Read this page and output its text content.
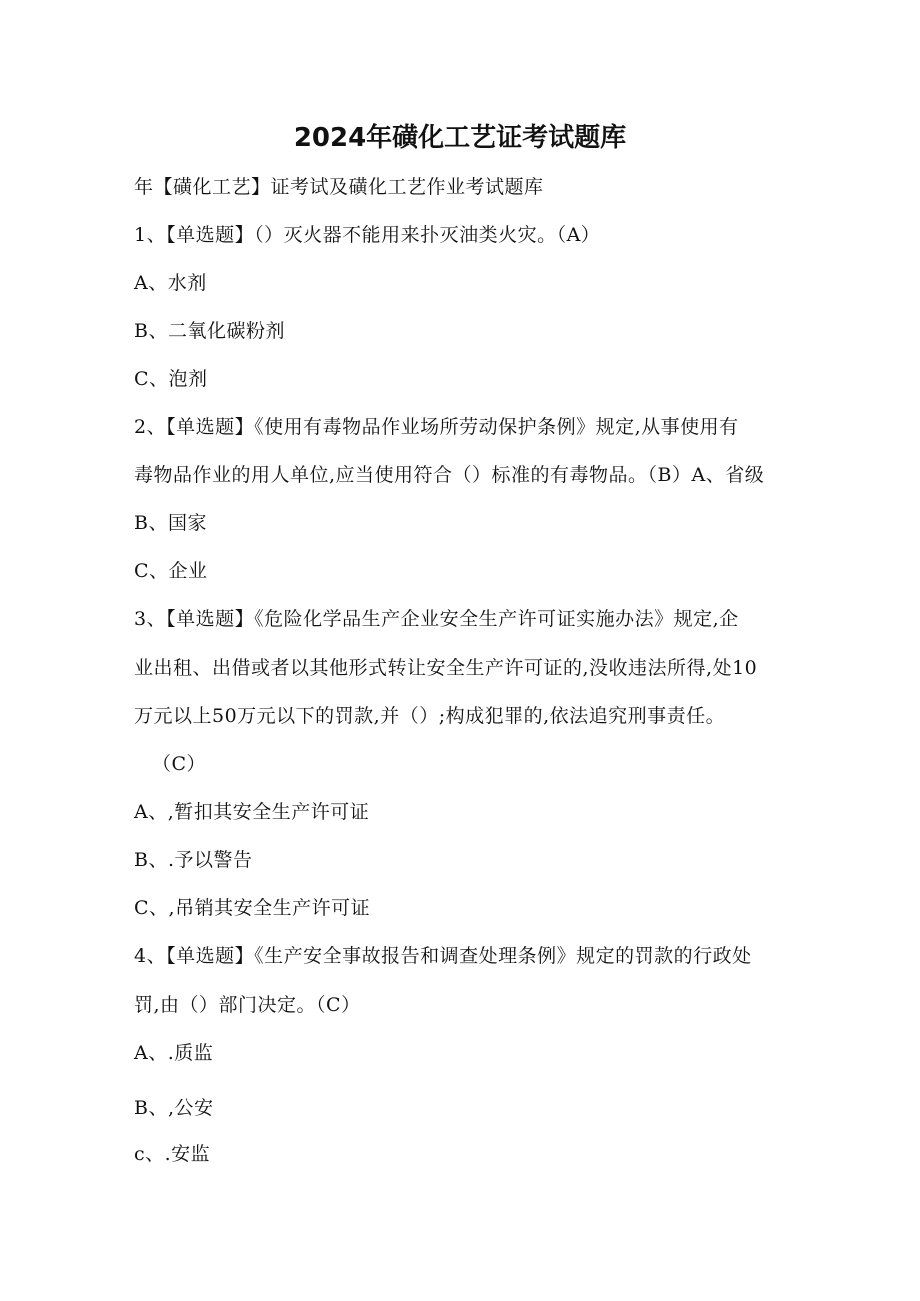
2024年磺化工艺证考试题库
年【磺化工艺】证考试及磺化工艺作业考试题库
1、【单选题】（）灭火器不能用来扑灭油类火灾。（A）
A、水剂
B、二氧化碳粉剂
C、泡剂
2、【单选题】《使用有毒物品作业场所劳动保护条例》规定,从事使用有
毒物品作业的用人单位,应当使用符合（）标准的有毒物品。（B）A、省级
B、国家
C、企业
3、【单选题】《危险化学品生产企业安全生产许可证实施办法》规定,企
业出租、出借或者以其他形式转让安全生产许可证的,没收违法所得,处10
万元以上50万元以下的罚款,并（）;构成犯罪的,依法追究刑事责任。
（C）
A、,暂扣其安全生产许可证
B、.予以警告
C、,吊销其安全生产许可证
4、【单选题】《生产安全事故报告和调查处理条例》规定的罚款的行政处
罚,由（）部门决定。（C）
A、.质监
B、,公安
c、.安监
